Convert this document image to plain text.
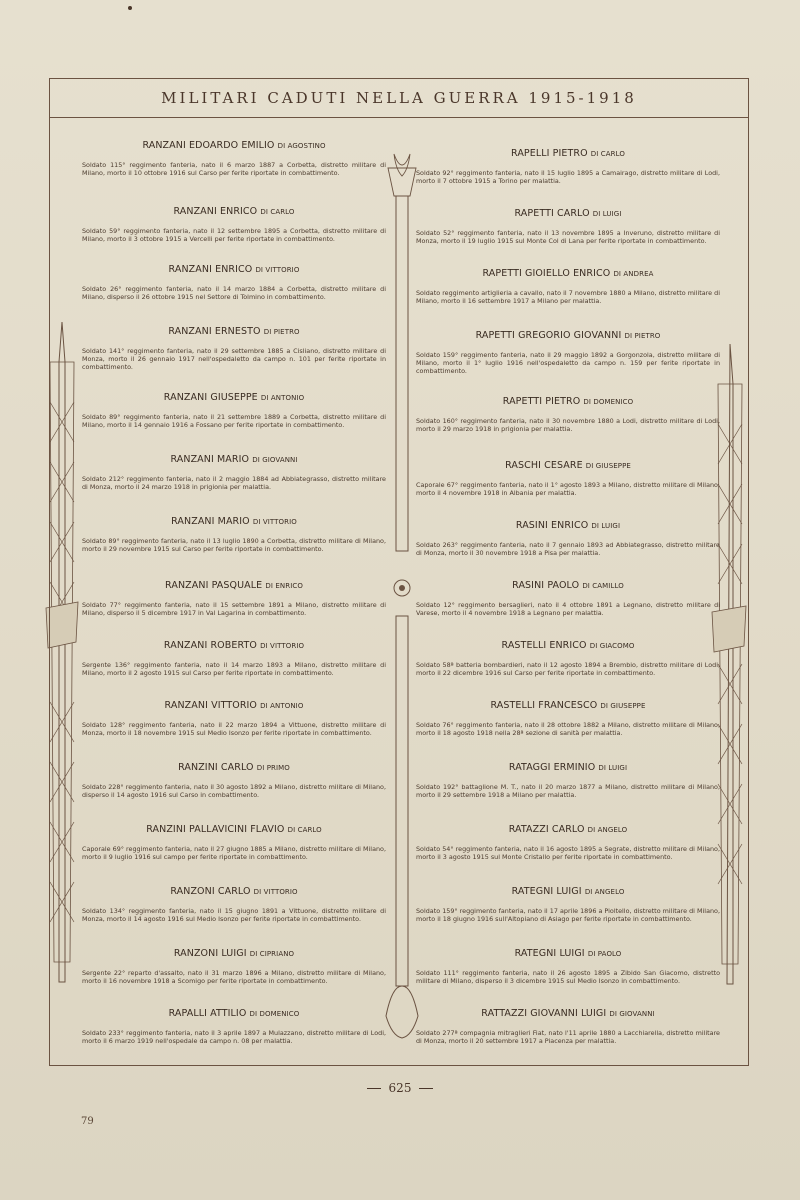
MILITARI CADUTI NELLA GUERRA 1915-1918
RANZANI EDOARDO EMILIO DI AGOSTINO
Soldato 115° reggimento fanteria, nato il 6 marzo 1887 a Corbetta, distretto militare di Milano, morto il 10 ottobre 1916 sul Carso per ferite riportate in combattimento.
RANZANI ENRICO DI CARLO
Soldato 59° reggimento fanteria, nato il 12 settembre 1895 a Corbetta, distretto militare di Milano, morto il 3 ottobre 1915 a Vercelli per ferite riportate in combattimento.
RANZANI ENRICO DI VITTORIO
Soldato 26° reggimento fanteria, nato il 14 marzo 1884 a Corbetta, distretto militare di Milano, disperso il 26 ottobre 1915 nel Settore di Tolmino in combattimento.
RANZANI ERNESTO DI PIETRO
Soldato 141° reggimento fanteria, nato il 29 settembre 1885 a Cisliano, distretto militare di Monza, morto il 26 gennaio 1917 nell'ospedaletto da campo n. 101 per ferite riportate in combattimento.
RANZANI GIUSEPPE DI ANTONIO
Soldato 89° reggimento fanteria, nato il 21 settembre 1889 a Corbetta, distretto militare di Milano, morto il 14 gennaio 1916 a Fossano per ferite riportate in combattimento.
RANZANI MARIO DI GIOVANNI
Soldato 212° reggimento fanteria, nato il 2 maggio 1884 ad Abbiategrasso, distretto militare di Monza, morto il 24 marzo 1918 in prigionia per malattia.
RANZANI MARIO DI VITTORIO
Soldato 89° reggimento fanteria, nato il 13 luglio 1890 a Corbetta, distretto militare di Milano, morto il 29 novembre 1915 sul Carso per ferite riportate in combattimento.
RANZANI PASQUALE DI ENRICO
Soldato 77° reggimento fanteria, nato il 15 settembre 1891 a Milano, distretto militare di Milano, disperso il 5 dicembre 1917 in Val Lagarina in combattimento.
RANZANI ROBERTO DI VITTORIO
Sergente 136° reggimento fanteria, nato il 14 marzo 1893 a Milano, distretto militare di Milano, morto il 2 agosto 1915 sul Carso per ferite riportate in combattimento.
RANZANI VITTORIO DI ANTONIO
Soldato 128° reggimento fanteria, nato il 22 marzo 1894 a Vittuone, distretto militare di Monza, morto il 18 novembre 1915 sul Medio Isonzo per ferite riportate in combattimento.
RANZINI CARLO DI PRIMO
Soldato 228° reggimento fanteria, nato il 30 agosto 1892 a Milano, distretto militare di Milano, disperso il 14 agosto 1916 sul Carso in combattimento.
RANZINI PALLAVICINI FLAVIO DI CARLO
Caporale 69° reggimento fanteria, nato il 27 giugno 1885 a Milano, distretto militare di Milano, morto il 9 luglio 1916 sul campo per ferite riportate in combattimento.
RANZONI CARLO DI VITTORIO
Soldato 134° reggimento fanteria, nato il 15 giugno 1891 a Vittuone, distretto militare di Monza, morto il 14 agosto 1916 sul Medio Isonzo per ferite riportate in combattimento.
RANZONI LUIGI DI CIPRIANO
Sergente 22° reparto d'assalto, nato il 31 marzo 1896 a Milano, distretto militare di Milano, morto il 16 novembre 1918 a Scomigo per ferite riportate in combattimento.
RAPALLI ATTILIO DI DOMENICO
Soldato 233° reggimento fanteria, nato il 3 aprile 1897 a Mulazzano, distretto militare di Lodi, morto il 6 marzo 1919 nell'ospedale da campo n. 08 per malattia.
RAPELLI PIETRO DI CARLO
Soldato 92° reggimento fanteria, nato il 15 luglio 1895 a Camairago, distretto militare di Lodi, morto il 7 ottobre 1915 a Torino per malattia.
RAPETTI CARLO DI LUIGI
Soldato 52° reggimento fanteria, nato il 13 novembre 1895 a Inveruno, distretto militare di Monza, morto il 19 luglio 1915 sul Monte Col di Lana per ferite riportate in combattimento.
RAPETTI GIOIELLO ENRICO DI ANDREA
Soldato reggimento artiglieria a cavallo, nato il 7 novembre 1880 a Milano, distretto militare di Milano, morto il 16 settembre 1917 a Milano per malattia.
RAPETTI GREGORIO GIOVANNI DI PIETRO
Soldato 159° reggimento fanteria, nato il 29 maggio 1892 a Gorgonzola, distretto militare di Milano, morto il 1° luglio 1916 nell'ospedaletto da campo n. 159 per ferite riportate in combattimento.
RAPETTI PIETRO DI DOMENICO
Soldato 160° reggimento fanteria, nato il 30 novembre 1880 a Lodi, distretto militare di Lodi, morto il 29 marzo 1918 in prigionia per malattia.
RASCHI CESARE DI GIUSEPPE
Caporale 67° reggimento fanteria, nato il 1° agosto 1893 a Milano, distretto militare di Milano, morto il 4 novembre 1918 in Albania per malattia.
RASINI ENRICO DI LUIGI
Soldato 263° reggimento fanteria, nato il 7 gennaio 1893 ad Abbiategrasso, distretto militare di Monza, morto il 30 novembre 1918 a Pisa per malattia.
RASINI PAOLO DI CAMILLO
Soldato 12° reggimento bersaglieri, nato il 4 ottobre 1891 a Legnano, distretto militare di Varese, morto il 4 novembre 1918 a Legnano per malattia.
RASTELLI ENRICO DI GIACOMO
Soldato 58ª batteria bombardieri, nato il 12 agosto 1894 a Brembio, distretto militare di Lodi, morto il 22 dicembre 1916 sul Carso per ferite riportate in combattimento.
RASTELLI FRANCESCO DI GIUSEPPE
Soldato 76° reggimento fanteria, nato il 28 ottobre 1882 a Milano, distretto militare di Milano, morto il 18 agosto 1918 nella 28ª sezione di sanità per malattia.
RATAGGI ERMINIO DI LUIGI
Soldato 192° battaglione M. T., nato il 20 marzo 1877 a Milano, distretto militare di Milano, morto il 29 settembre 1918 a Milano per malattia.
RATAZZI CARLO DI ANGELO
Soldato 54° reggimento fanteria, nato il 16 agosto 1895 a Segrate, distretto militare di Milano, morto il 3 agosto 1915 sul Monte Cristallo per ferite riportate in combattimento.
RATEGNI LUIGI DI ANGELO
Soldato 159° reggimento fanteria, nato il 17 aprile 1896 a Pioltello, distretto militare di Milano, morto il 18 giugno 1916 sull'Altopiano di Asiago per ferite riportate in combattimento.
RATEGNI LUIGI DI PAOLO
Soldato 111° reggimento fanteria, nato il 26 agosto 1895 a Zibido San Giacomo, distretto militare di Milano, disperso il 3 dicembre 1915 sul Medio Isonzo in combattimento.
RATTAZZI GIOVANNI LUIGI DI GIOVANNI
Soldato 277ª compagnia mitraglieri Fiat, nato l'11 aprile 1880 a Lacchiarella, distretto militare di Monza, morto il 20 settembre 1917 a Piacenza per malattia.
625
79
